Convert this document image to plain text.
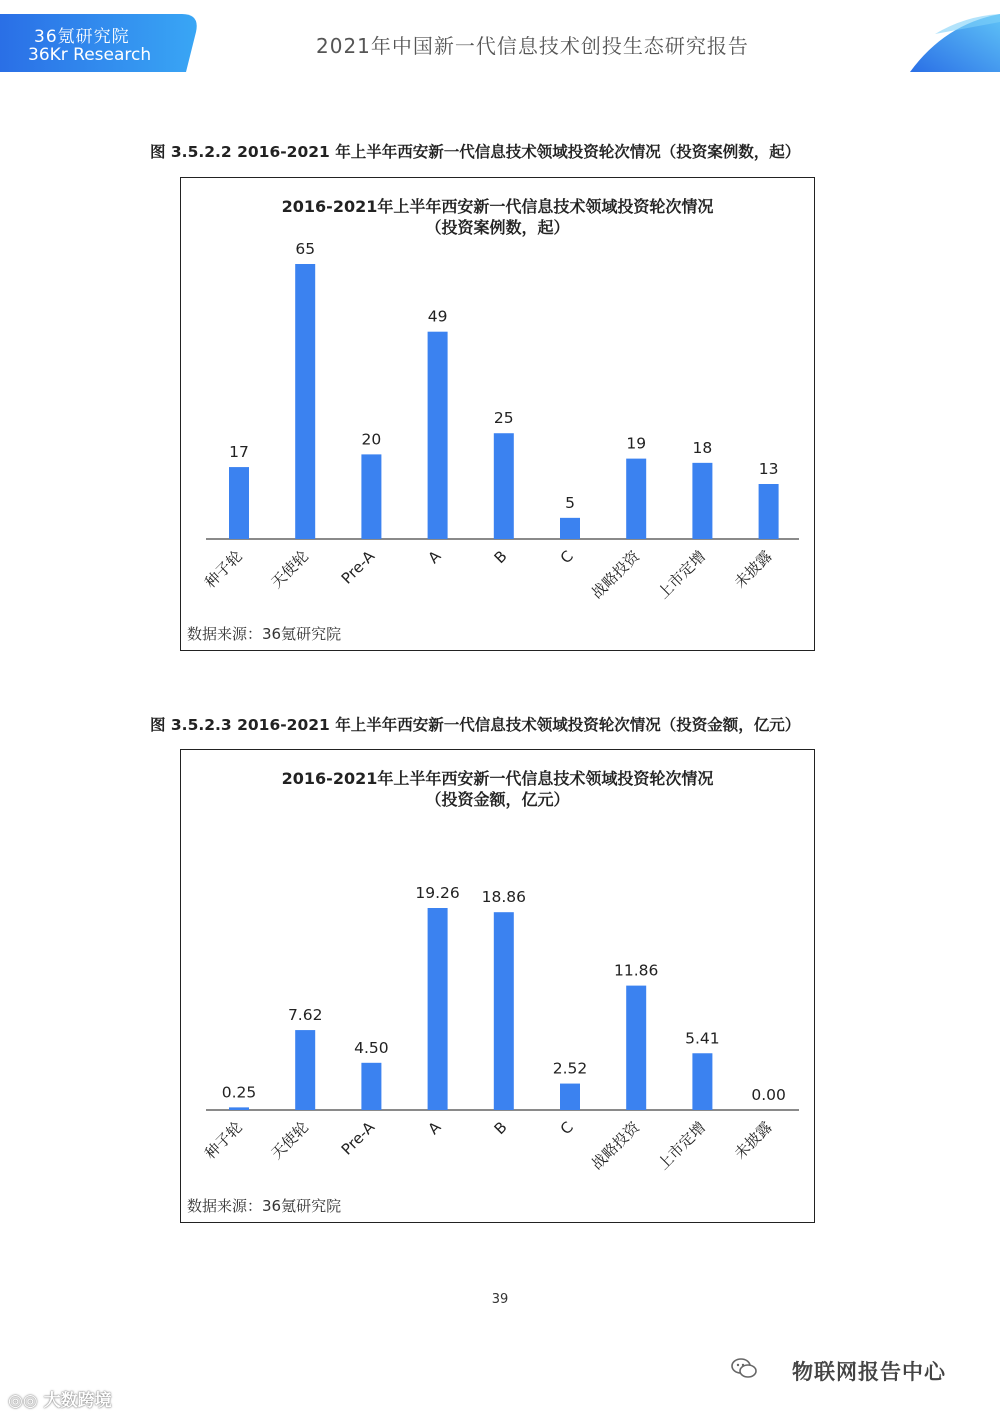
36氪研究院
36Kr Research	2021年中国新一代信息技术创投生态研究报告
图 3.5.2.2 2016-2021 年上半年西安新一代信息技术领域投资轮次情况（投资案例数，起）
2016-2021年上半年西安新一代信息技术领域投资轮次情况
（投资案例数，起）
17
种子轮
65
天使轮
20
Pre-A
49
A
25
B
5
C
19
战略投资
18
上市定增
13
未披露
数据来源：36氪研究院
图 3.5.2.3 2016-2021 年上半年西安新一代信息技术领域投资轮次情况（投资金额，亿元）
2016-2021年上半年西安新一代信息技术领域投资轮次情况
（投资金额，亿元）
0.25
种子轮
7.62
天使轮
4.50
Pre-A
19.26
A
18.86
B
2.52
C
11.86
战略投资
5.41
上市定增
0.00
未披露
数据来源：36氪研究院
39
物联网报告中心
◎◎ 大数跨境
